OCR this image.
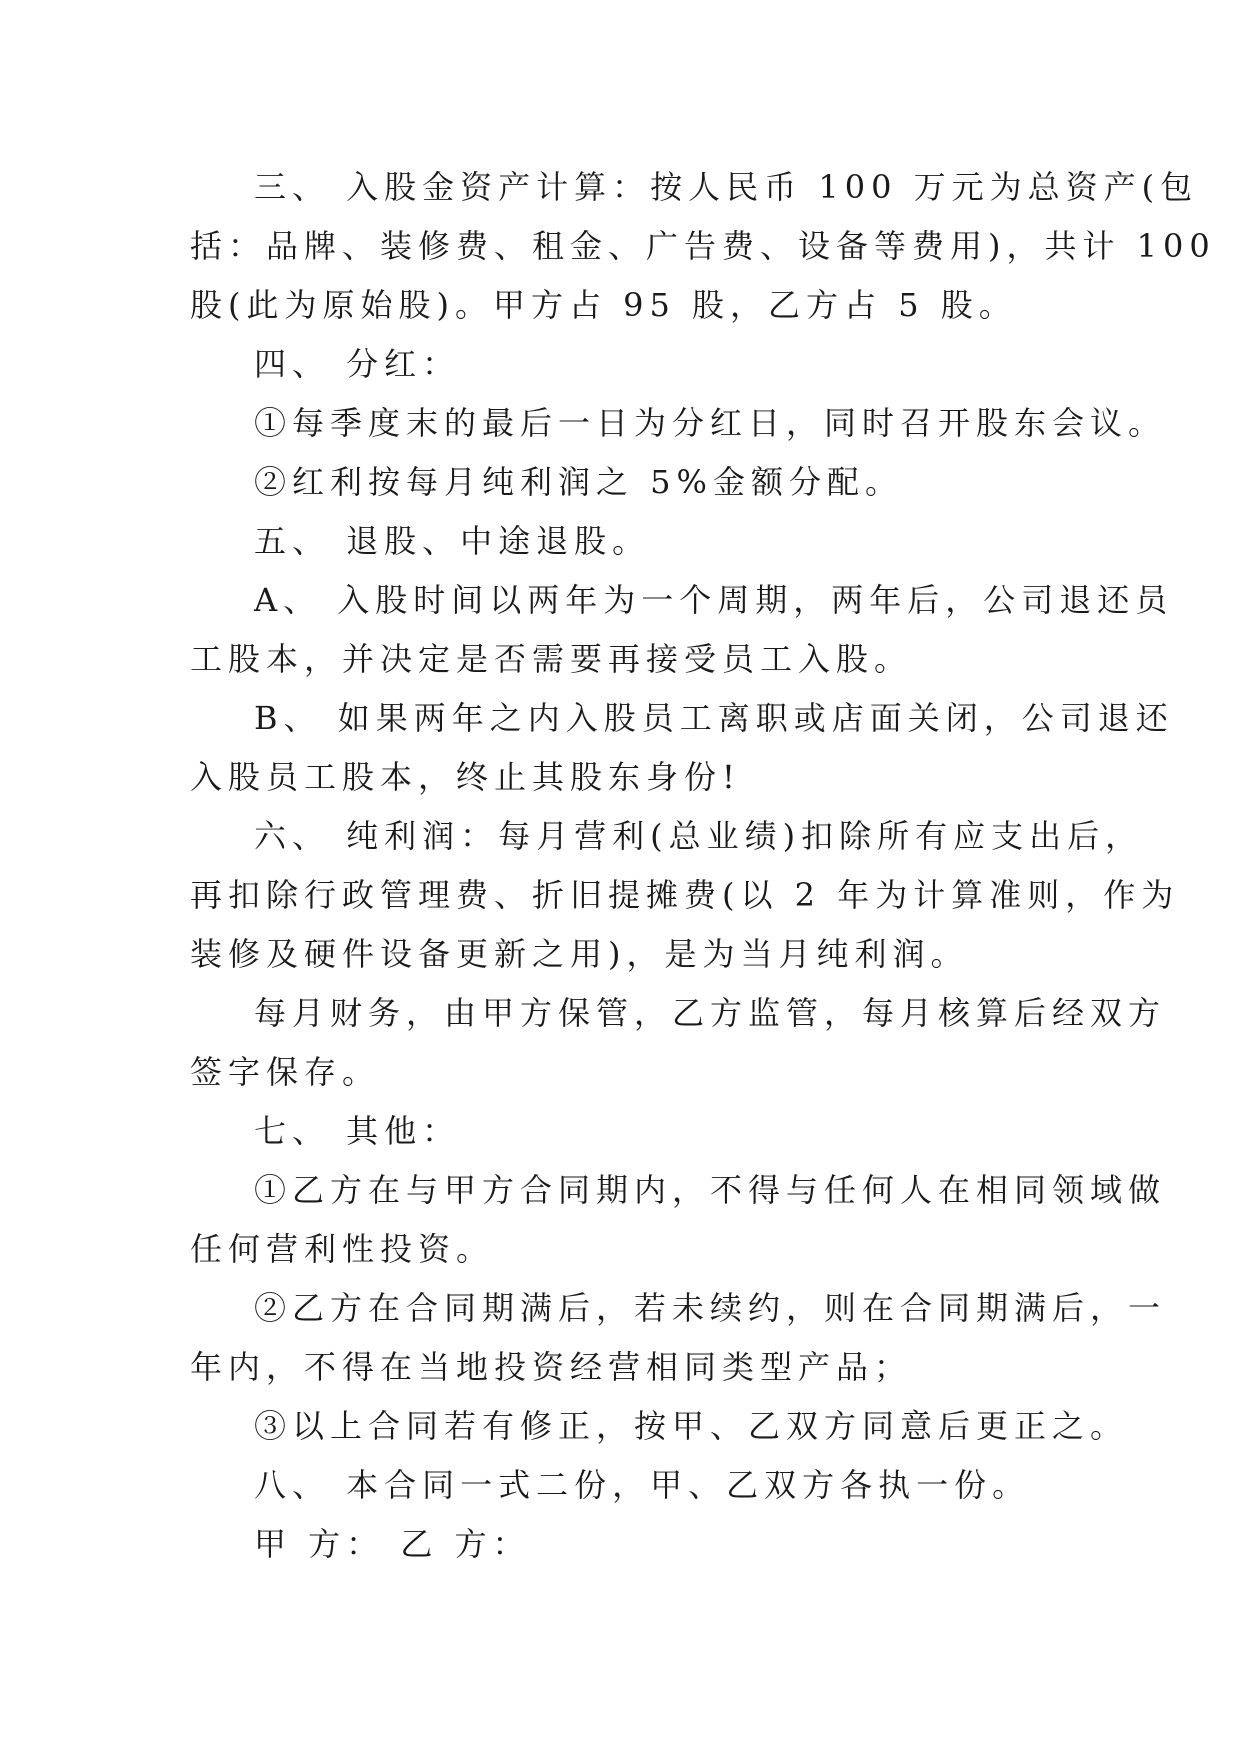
三、 入股金资产计算：按人民币 100 万元为总资产(包
括：品牌、装修费、租金、广告费、设备等费用)，共计 100
股(此为原始股)。甲方占 95 股，乙方占 5 股。
四、 分红：
①每季度末的最后一日为分红日，同时召开股东会议。
②红利按每月纯利润之 5%金额分配。
五、 退股、中途退股。
A、 入股时间以两年为一个周期，两年后，公司退还员
工股本，并决定是否需要再接受员工入股。
B、 如果两年之内入股员工离职或店面关闭，公司退还
入股员工股本，终止其股东身份!
六、 纯利润：每月营利(总业绩)扣除所有应支出后，
再扣除行政管理费、折旧提摊费(以 2 年为计算准则，作为
装修及硬件设备更新之用)，是为当月纯利润。
每月财务，由甲方保管，乙方监管，每月核算后经双方
签字保存。
七、 其他：
①乙方在与甲方合同期内，不得与任何人在相同领域做
任何营利性投资。
②乙方在合同期满后，若未续约，则在合同期满后，一
年内，不得在当地投资经营相同类型产品；
③以上合同若有修正，按甲、乙双方同意后更正之。
八、 本合同一式二份，甲、乙双方各执一份。
甲 方： 乙 方：
